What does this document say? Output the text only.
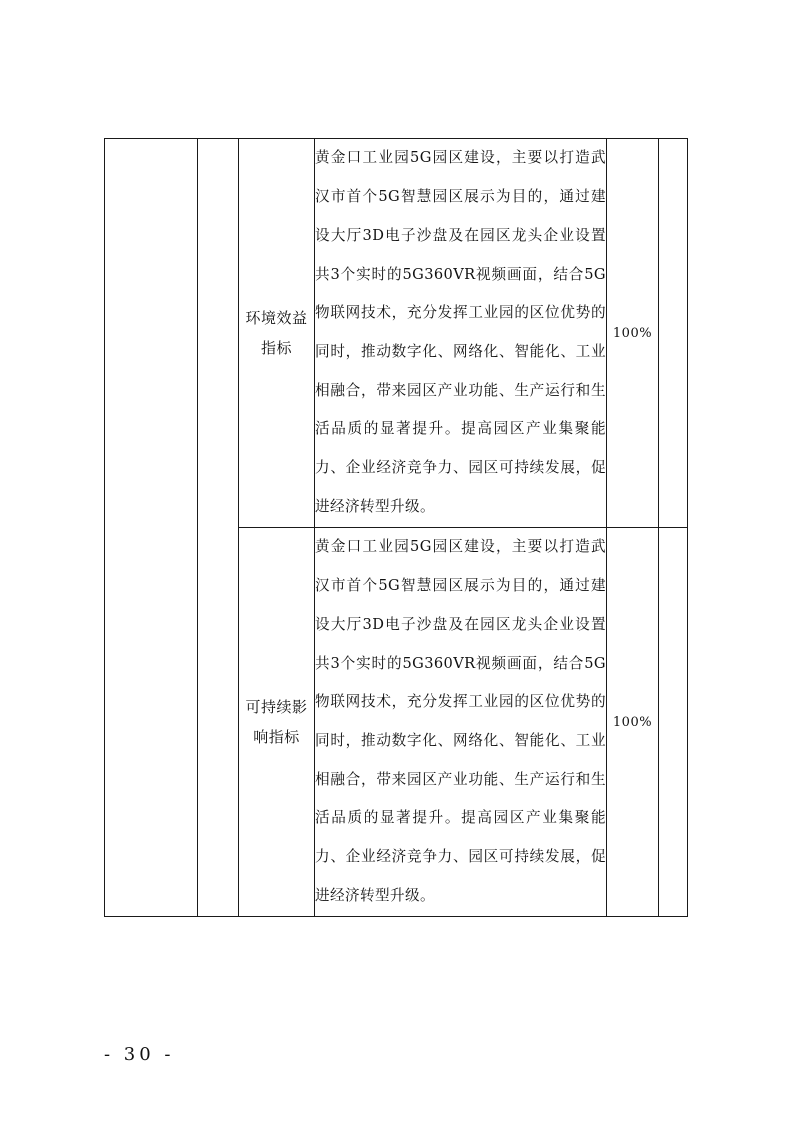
		环境效益指标	黄金口工业园5G园区建设，主要以打造武汉市首个5G智慧园区展示为目的，通过建设大厅3D电子沙盘及在园区龙头企业设置共3个实时的5G360VR视频画面，结合5G物联网技术，充分发挥工业园的区位优势的同时，推动数字化、网络化、智能化、工业相融合，带来园区产业功能、生产运行和生活品质的显著提升。提高园区产业集聚能力、企业经济竞争力、园区可持续发展，促进经济转型升级。	100%	
		可持续影响指标	黄金口工业园5G园区建设，主要以打造武汉市首个5G智慧园区展示为目的，通过建设大厅3D电子沙盘及在园区龙头企业设置共3个实时的5G360VR视频画面，结合5G物联网技术，充分发挥工业园的区位优势的同时，推动数字化、网络化、智能化、工业相融合，带来园区产业功能、生产运行和生活品质的显著提升。提高园区产业集聚能力、企业经济竞争力、园区可持续发展，促进经济转型升级。	100%	
- 30 -
